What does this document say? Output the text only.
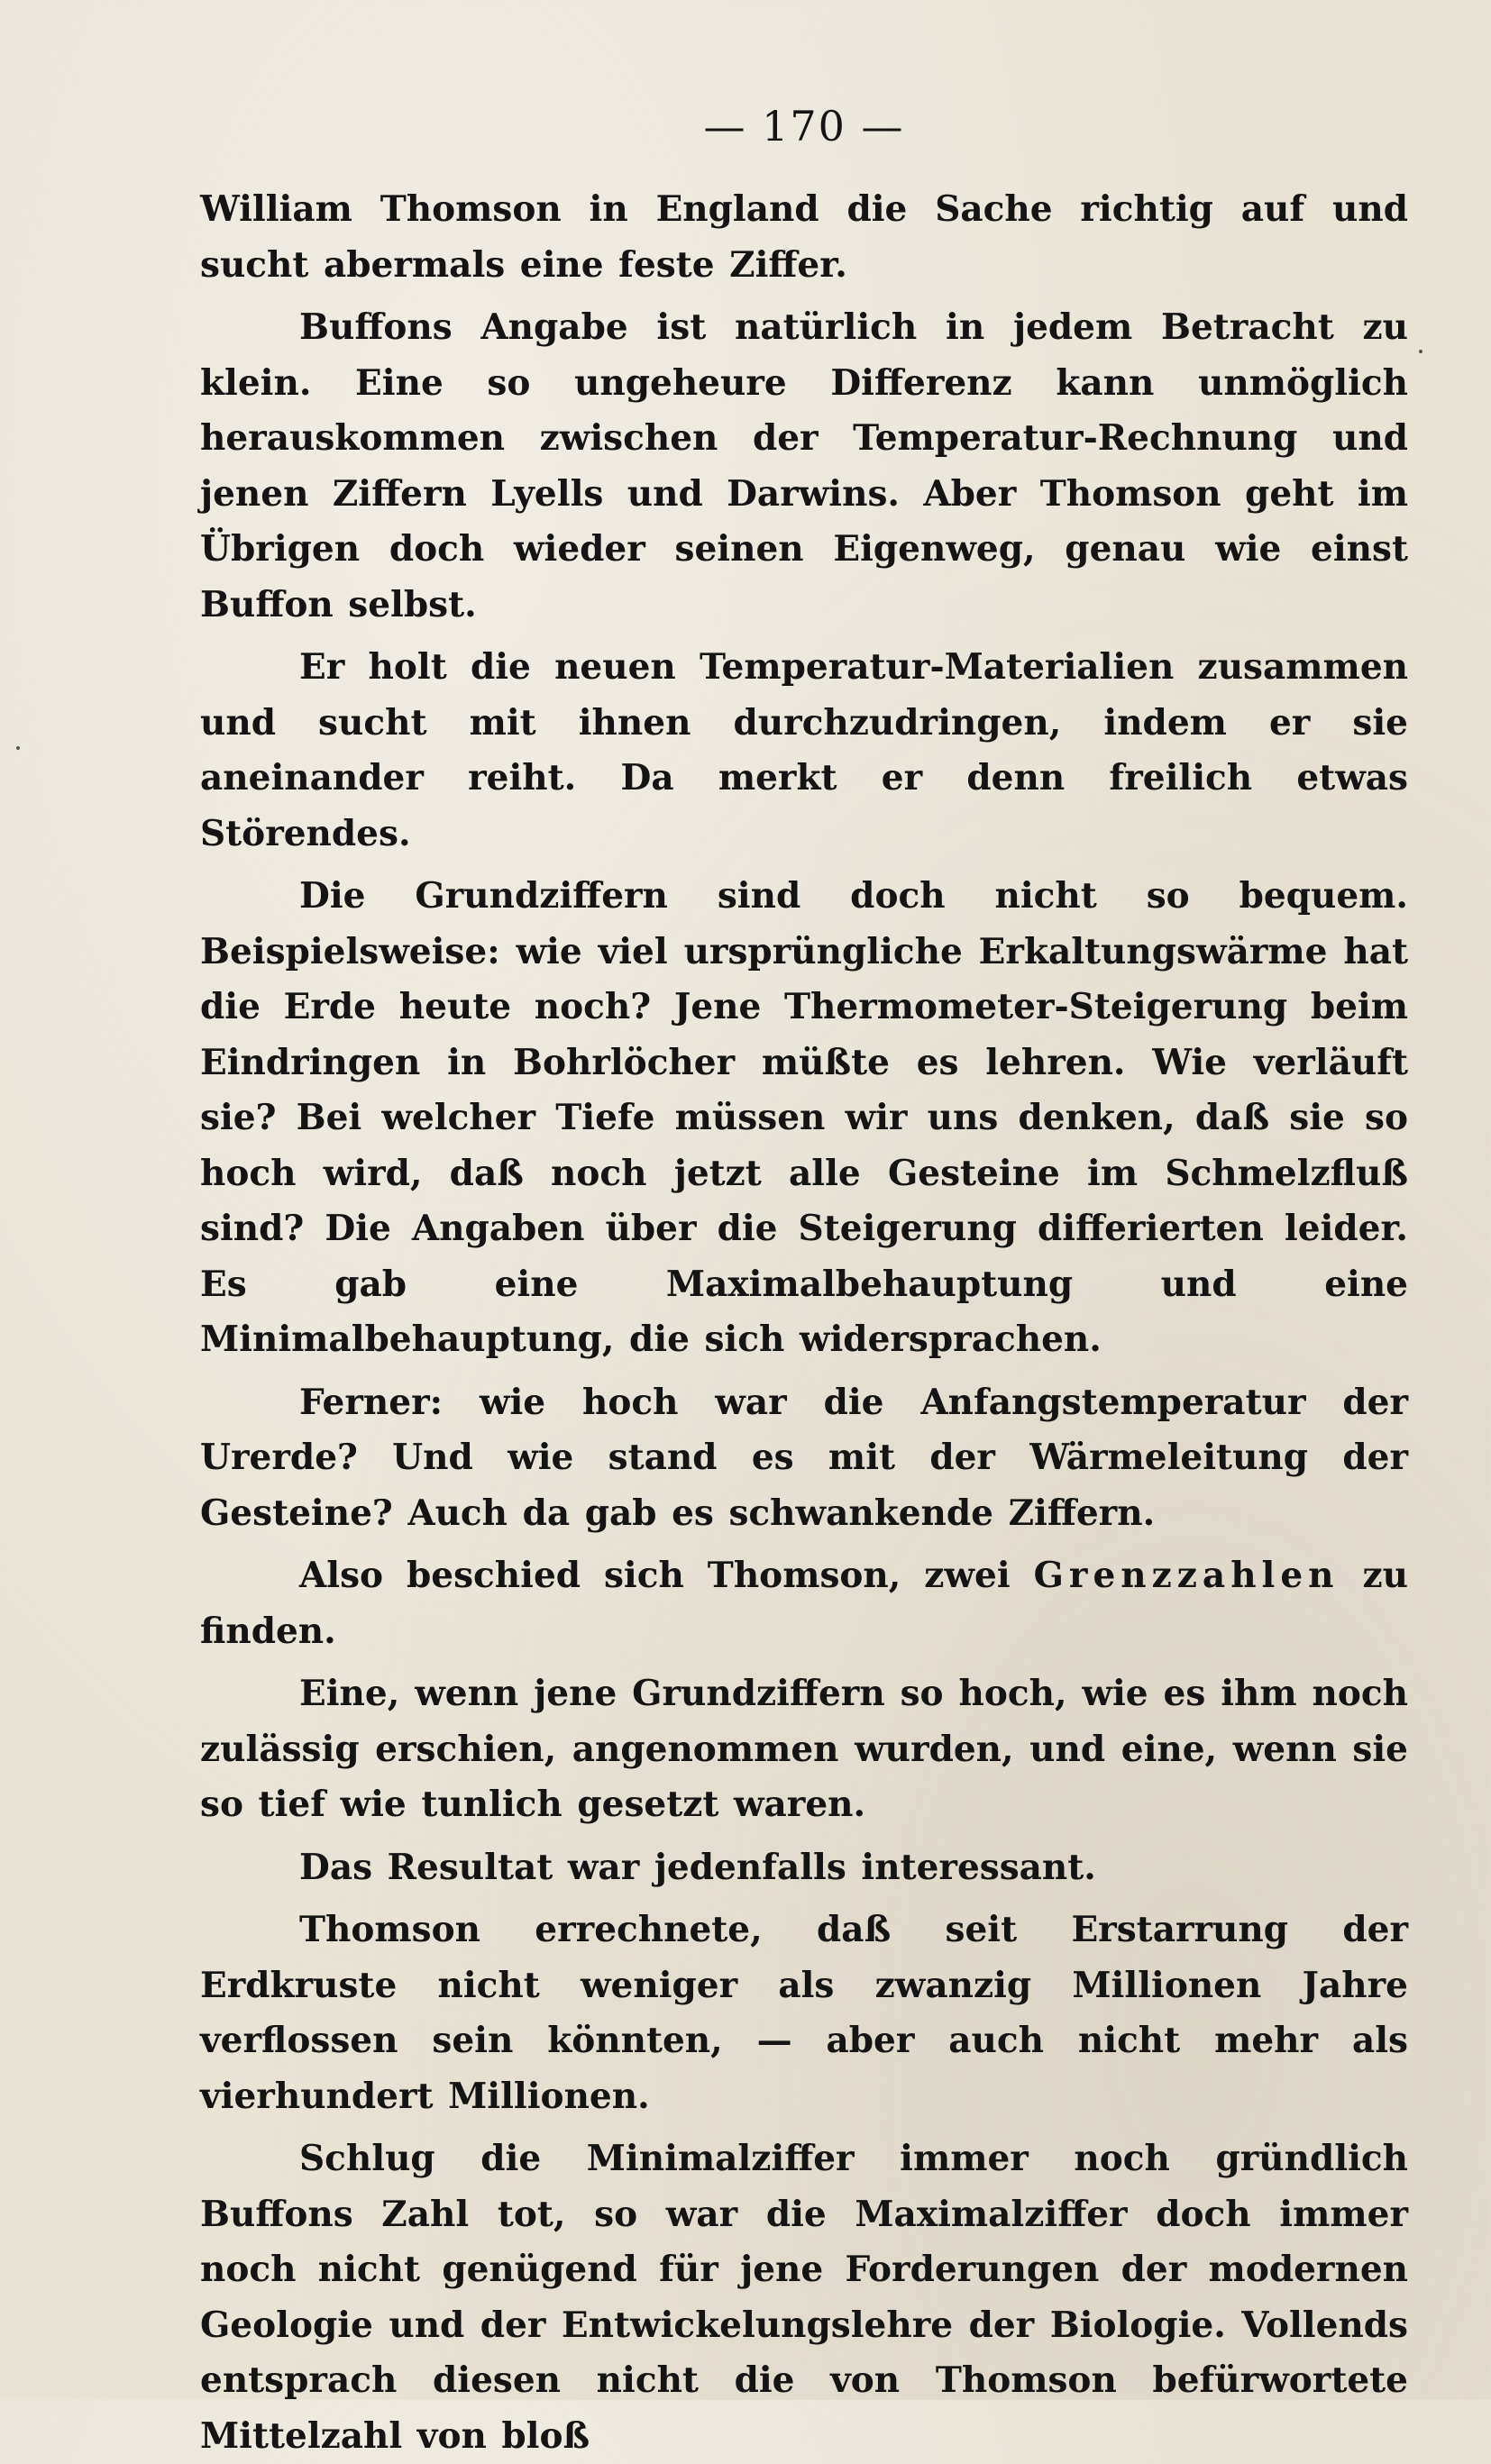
— 170 —

William Thomson in England die Sache richtig auf und sucht abermals eine feste Ziffer.

Buffons Angabe ist natürlich in jedem Betracht zu klein. Eine so ungeheure Differenz kann unmöglich herauskommen zwischen der Temperatur-Rechnung und jenen Ziffern Lyells und Darwins. Aber Thomson geht im Übrigen doch wieder seinen Eigenweg, genau wie einst Buffon selbst.

Er holt die neuen Temperatur-Materialien zusammen und sucht mit ihnen durchzudringen, indem er sie aneinander reiht. Da merkt er denn freilich etwas Störendes.

Die Grundziffern sind doch nicht so bequem. Beispielsweise: wie viel ursprüngliche Erkaltungswärme hat die Erde heute noch? Jene Thermometer-Steigerung beim Eindringen in Bohrlöcher müßte es lehren. Wie verläuft sie? Bei welcher Tiefe müssen wir uns denken, daß sie so hoch wird, daß noch jetzt alle Gesteine im Schmelzfluß sind? Die Angaben über die Steigerung differierten leider. Es gab eine Maximalbehauptung und eine Minimalbehauptung, die sich widersprachen.

Ferner: wie hoch war die Anfangstemperatur der Urerde? Und wie stand es mit der Wärmeleitung der Gesteine? Auch da gab es schwankende Ziffern.

Also beschied sich Thomson, zwei Grenzzahlen zu finden.

Eine, wenn jene Grundziffern so hoch, wie es ihm noch zulässig erschien, angenommen wurden, und eine, wenn sie so tief wie tunlich gesetzt waren.

Das Resultat war jedenfalls interessant.

Thomson errechnete, daß seit Erstarrung der Erdkruste nicht weniger als zwanzig Millionen Jahre verflossen sein könnten, — aber auch nicht mehr als vierhundert Millionen.

Schlug die Minimalziffer immer noch gründlich Buffons Zahl tot, so war die Maximalziffer doch immer noch nicht genügend für jene Forderungen der modernen Geologie und der Entwickelungslehre der Biologie. Vollends entsprach diesen nicht die von Thomson befürwortete Mittelzahl von bloß
